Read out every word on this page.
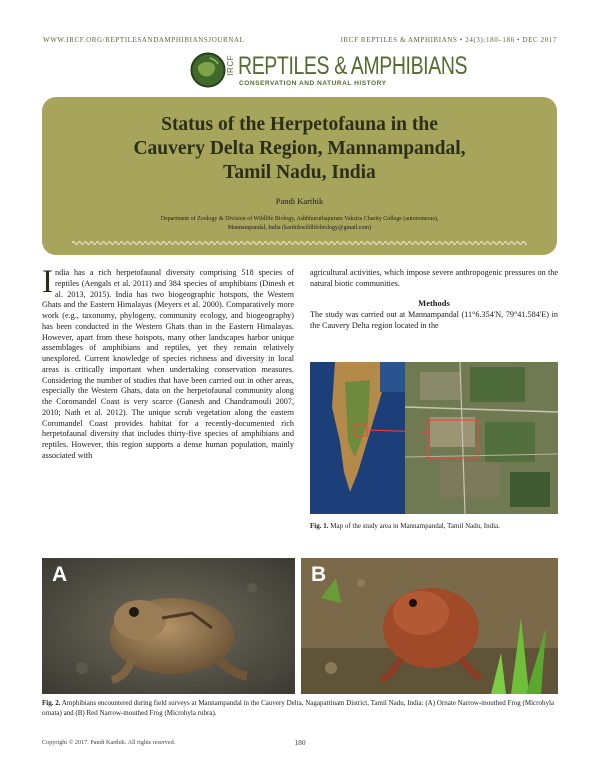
WWW.IRCF.ORG/REPTILESANDAMPHIBIANSJOURNAL	IRCF REPTILES & AMPHIBIANS • 24(3):180–186 • DEC 2017
IRCF REPTILES & AMPHIBIANS
CONSERVATION AND NATURAL HISTORY
Status of the Herpetofauna in the
Cauvery Delta Region, Mannampandal,
Tamil Nadu, India
Pandi Karthik
Department of Zoology & Division of Wildlife Biology, Ashbhuruthapuram Vaksira Charity College (autonomous),
Mannampandal, India (karthikwildlifebiology@gmail.com)
India has a rich herpetofaunal diversity comprising 518 species of reptiles (Aengals et al. 2011) and 384 species of amphibians (Dinesh et al. 2013, 2015). India has two biogeographic hotspots, the Western Ghats and the Eastern Himalayas (Meyers et al. 2000). Comparatively more work (e.g., taxonomy, phylogeny, community ecology, and biogeography) has been conducted in the Western Ghats than in the Eastern Himalayas. However, apart from these hotspots, many other landscapes harbor unique assemblages of amphibians and reptiles, yet they remain relatively unexplored. Current knowledge of species richness and diversity in local areas is critically important when undertaking conservation measures. Considering the number of studies that have been carried out in other areas, especially the Western Ghats, data on the herpetofaunal community along the Coromandel Coast is very scarce (Ganesh and Chandramouli 2007, 2010; Nath et al. 2012). The unique scrub vegetation along the eastern Coromandel Coast provides habitat for a recently-documented rich herpetofaunal diversity that includes thirty-five species of amphibians and reptiles. However, this region supports a dense human population, mainly associated with
agricultural activities, which impose severe anthropogenic pressures on the natural biotic communities.
Methods
The study was carried out at Mannampandal (11°6.354'N, 79°41.584'E) in the Cauvery Delta region located in the
Fig. 1. Map of the study area in Mannampandal, Tamil Nadu, India.
A	B
Fig. 2. Amphibians encountered during field surveys at Mannampandal in the Cauvery Delta, Nagapattinam District, Tamil Nadu, India: (A) Ornate Narrow-mouthed Frog (Microhyla ornata) and (B) Red Narrow-mouthed Frog (Microhyla rubra).
Copyright © 2017. Pandi Karthik. All rights reserved.	180
